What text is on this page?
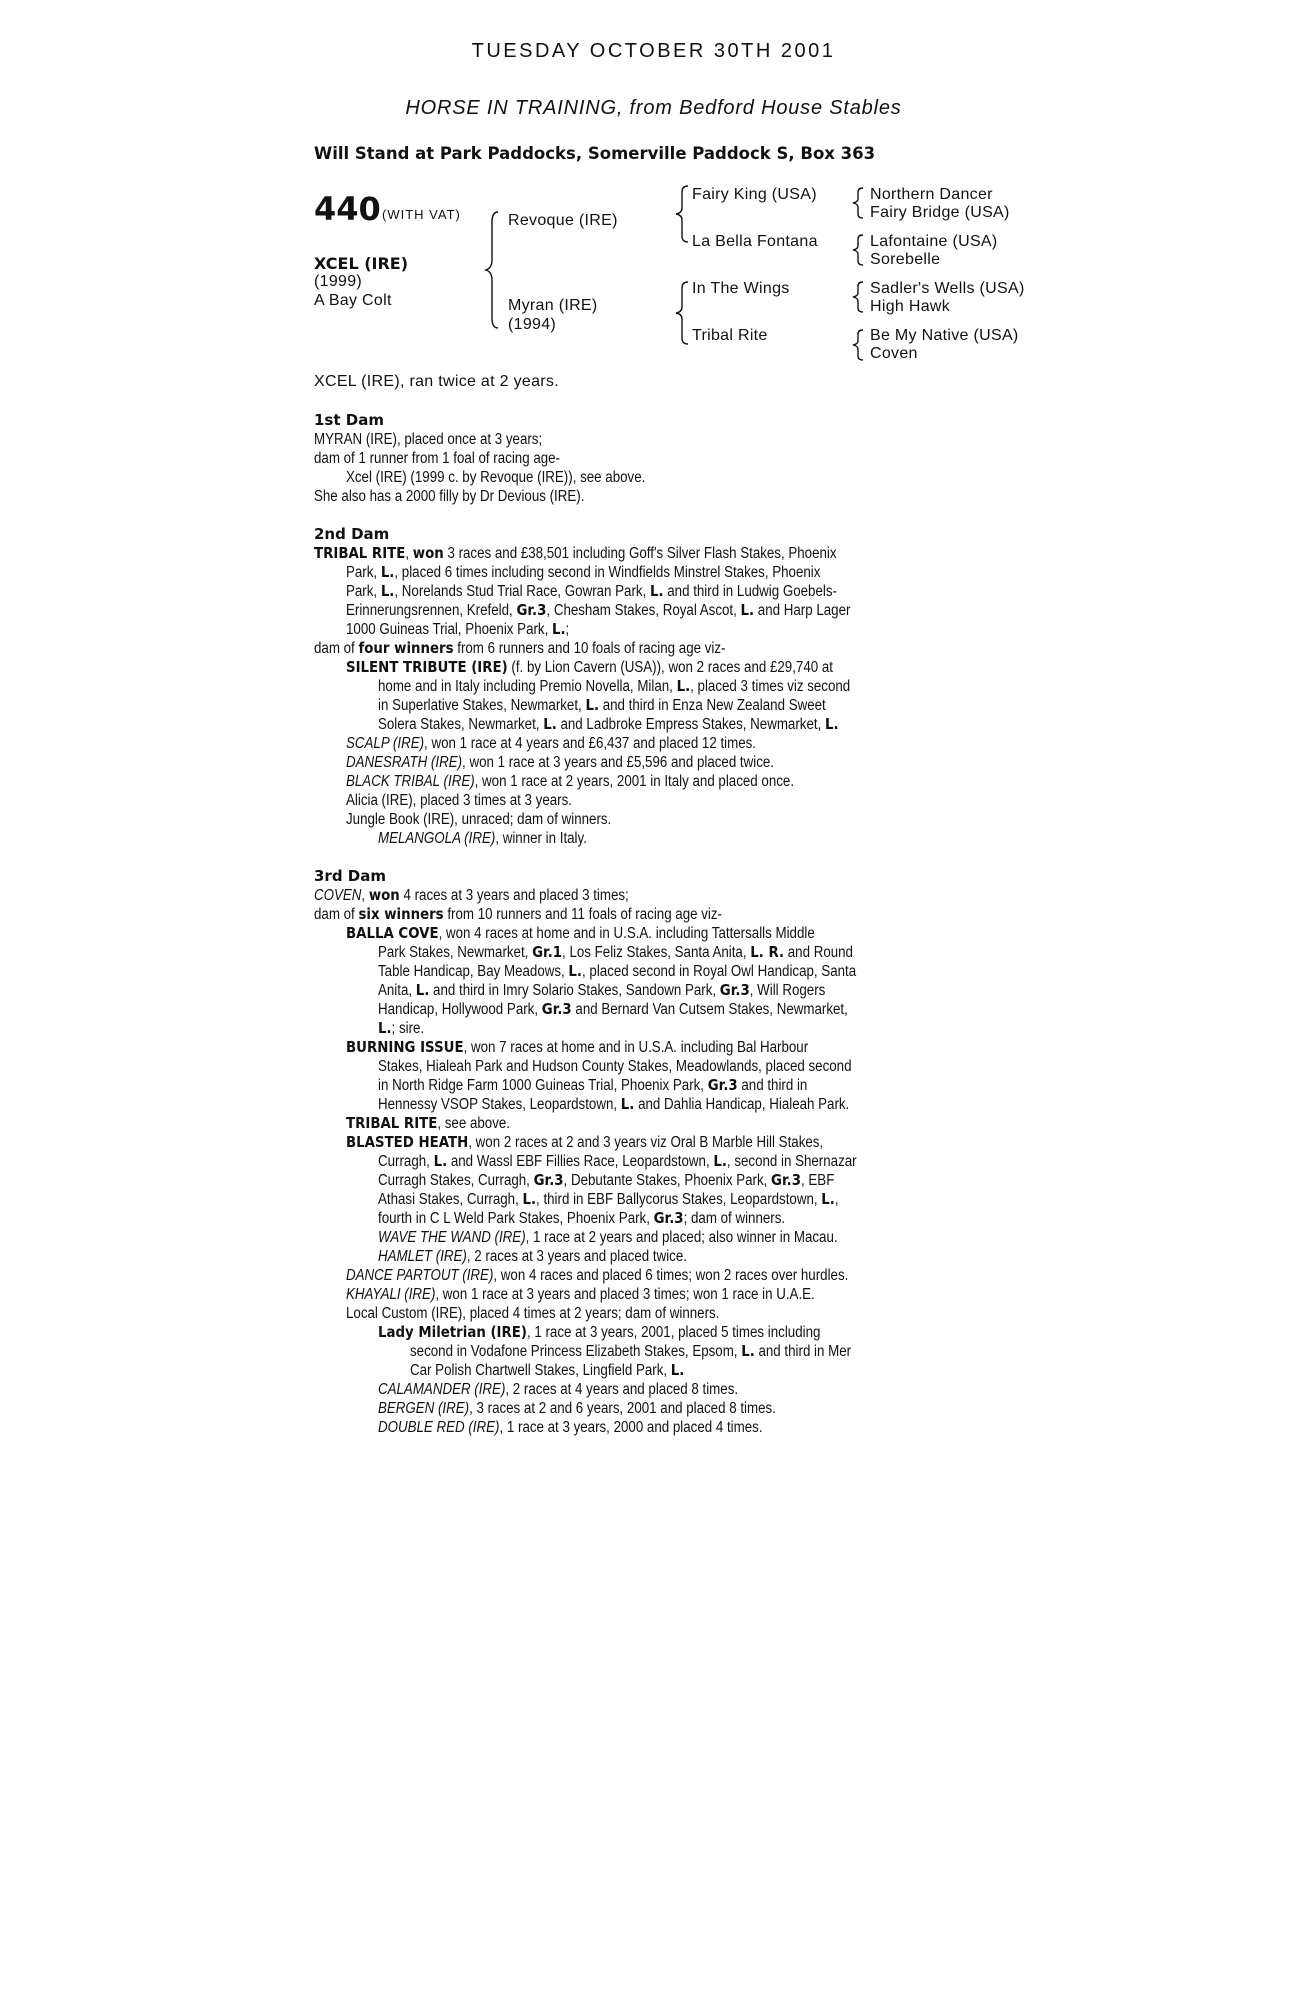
TUESDAY OCTOBER 30TH 2001
HORSE IN TRAINING, from Bedford House Stables
Will Stand at Park Paddocks, Somerville Paddock S, Box 363
440 (WITH VAT)
XCEL (IRE)
(1999)
A Bay Colt
Revoque (IRE)
Myran (IRE)
(1994)
Fairy King (USA)
La Bella Fontana
In The Wings
Tribal Rite
Northern Dancer
Fairy Bridge (USA)
Lafontaine (USA)
Sorebelle
Sadler's Wells (USA)
High Hawk
Be My Native (USA)
Coven
XCEL (IRE), ran twice at 2 years.
1st Dam
MYRAN (IRE), placed once at 3 years;
dam of 1 runner from 1 foal of racing age-
Xcel (IRE) (1999 c. by Revoque (IRE)), see above.
She also has a 2000 filly by Dr Devious (IRE).
2nd Dam
TRIBAL RITE, won 3 races and £38,501 including Goff's Silver Flash Stakes, Phoenix
Park, L., placed 6 times including second in Windfields Minstrel Stakes, Phoenix
Park, L., Norelands Stud Trial Race, Gowran Park, L. and third in Ludwig Goebels-
Erinnerungsrennen, Krefeld, Gr.3, Chesham Stakes, Royal Ascot, L. and Harp Lager
1000 Guineas Trial, Phoenix Park, L.;
dam of four winners from 6 runners and 10 foals of racing age viz-
SILENT TRIBUTE (IRE) (f. by Lion Cavern (USA)), won 2 races and £29,740 at
home and in Italy including Premio Novella, Milan, L., placed 3 times viz second
in Superlative Stakes, Newmarket, L. and third in Enza New Zealand Sweet
Solera Stakes, Newmarket, L. and Ladbroke Empress Stakes, Newmarket, L.
SCALP (IRE), won 1 race at 4 years and £6,437 and placed 12 times.
DANESRATH (IRE), won 1 race at 3 years and £5,596 and placed twice.
BLACK TRIBAL (IRE), won 1 race at 2 years, 2001 in Italy and placed once.
Alicia (IRE), placed 3 times at 3 years.
Jungle Book (IRE), unraced; dam of winners.
MELANGOLA (IRE), winner in Italy.
3rd Dam
COVEN, won 4 races at 3 years and placed 3 times;
dam of six winners from 10 runners and 11 foals of racing age viz-
BALLA COVE, won 4 races at home and in U.S.A. including Tattersalls Middle
Park Stakes, Newmarket, Gr.1, Los Feliz Stakes, Santa Anita, L. R. and Round
Table Handicap, Bay Meadows, L., placed second in Royal Owl Handicap, Santa
Anita, L. and third in Imry Solario Stakes, Sandown Park, Gr.3, Will Rogers
Handicap, Hollywood Park, Gr.3 and Bernard Van Cutsem Stakes, Newmarket,
L.; sire.
BURNING ISSUE, won 7 races at home and in U.S.A. including Bal Harbour
Stakes, Hialeah Park and Hudson County Stakes, Meadowlands, placed second
in North Ridge Farm 1000 Guineas Trial, Phoenix Park, Gr.3 and third in
Hennessy VSOP Stakes, Leopardstown, L. and Dahlia Handicap, Hialeah Park.
TRIBAL RITE, see above.
BLASTED HEATH, won 2 races at 2 and 3 years viz Oral B Marble Hill Stakes,
Curragh, L. and Wassl EBF Fillies Race, Leopardstown, L., second in Shernazar
Curragh Stakes, Curragh, Gr.3, Debutante Stakes, Phoenix Park, Gr.3, EBF
Athasi Stakes, Curragh, L., third in EBF Ballycorus Stakes, Leopardstown, L.,
fourth in C L Weld Park Stakes, Phoenix Park, Gr.3; dam of winners.
WAVE THE WAND (IRE), 1 race at 2 years and placed; also winner in Macau.
HAMLET (IRE), 2 races at 3 years and placed twice.
DANCE PARTOUT (IRE), won 4 races and placed 6 times; won 2 races over hurdles.
KHAYALI (IRE), won 1 race at 3 years and placed 3 times; won 1 race in U.A.E.
Local Custom (IRE), placed 4 times at 2 years; dam of winners.
Lady Miletrian (IRE), 1 race at 3 years, 2001, placed 5 times including
second in Vodafone Princess Elizabeth Stakes, Epsom, L. and third in Mer
Car Polish Chartwell Stakes, Lingfield Park, L.
CALAMANDER (IRE), 2 races at 4 years and placed 8 times.
BERGEN (IRE), 3 races at 2 and 6 years, 2001 and placed 8 times.
DOUBLE RED (IRE), 1 race at 3 years, 2000 and placed 4 times.
